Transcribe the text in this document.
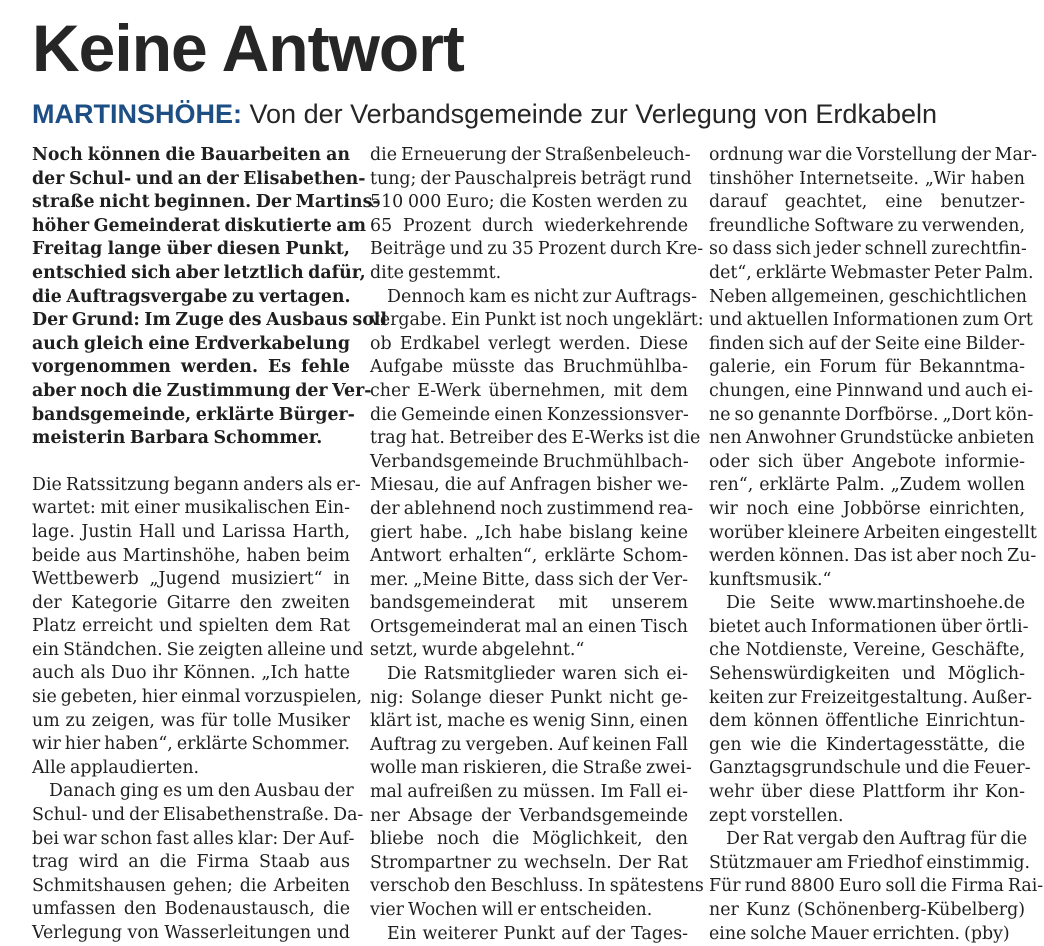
Keine Antwort
MARTINSHÖHE: Von der Verbandsgemeinde zur Verlegung von Erdkabeln

Noch können die Bauarbeiten an

der Schul- und an der Elisabethen-

straße nicht beginnen. Der Martins-

höher Gemeinderat diskutierte am

Freitag lange über diesen Punkt,

entschied sich aber letztlich dafür,

die Auftragsvergabe zu vertagen.

Der Grund: Im Zuge des Ausbaus soll

auch gleich eine Erdverkabelung

vorgenommen werden. Es fehle

aber noch die Zustimmung der Ver-

bandsgemeinde, erklärte Bürger-

meisterin Barbara Schommer.

Die Ratssitzung begann anders als er-

wartet: mit einer musikalischen Ein-

lage. Justin Hall und Larissa Harth,

beide aus Martinshöhe, haben beim

Wettbewerb „Jugend musiziert“ in

der Kategorie Gitarre den zweiten

Platz erreicht und spielten dem Rat

ein Ständchen. Sie zeigten alleine und

auch als Duo ihr Können. „Ich hatte

sie gebeten, hier einmal vorzuspielen,

um zu zeigen, was für tolle Musiker

wir hier haben“, erklärte Schommer.

Alle applaudierten.

Danach ging es um den Ausbau der

Schul- und der Elisabethenstraße. Da-

bei war schon fast alles klar: Der Auf-

trag wird an die Firma Staab aus

Schmitshausen gehen; die Arbeiten

umfassen den Bodenaustausch, die

Verlegung von Wasserleitungen und

die Erneuerung der Straßenbeleuch-

tung; der Pauschalpreis beträgt rund

510 000 Euro; die Kosten werden zu

65 Prozent durch wiederkehrende

Beiträge und zu 35 Prozent durch Kre-

dite gestemmt.

Dennoch kam es nicht zur Auftrags-

vergabe. Ein Punkt ist noch ungeklärt:

ob Erdkabel verlegt werden. Diese

Aufgabe müsste das Bruchmühlba-

cher E-Werk übernehmen, mit dem

die Gemeinde einen Konzessionsver-

trag hat. Betreiber des E-Werks ist die

Verbandsgemeinde Bruchmühlbach-

Miesau, die auf Anfragen bisher we-

der ablehnend noch zustimmend rea-

giert habe. „Ich habe bislang keine

Antwort erhalten“, erklärte Schom-

mer. „Meine Bitte, dass sich der Ver-

bandsgemeinderat mit unserem

Ortsgemeinderat mal an einen Tisch

setzt, wurde abgelehnt.“

Die Ratsmitglieder waren sich ei-

nig: Solange dieser Punkt nicht ge-

klärt ist, mache es wenig Sinn, einen

Auftrag zu vergeben. Auf keinen Fall

wolle man riskieren, die Straße zwei-

mal aufreißen zu müssen. Im Fall ei-

ner Absage der Verbandsgemeinde

bliebe noch die Möglichkeit, den

Strompartner zu wechseln. Der Rat

verschob den Beschluss. In spätestens

vier Wochen will er entscheiden.

Ein weiterer Punkt auf der Tages-

ordnung war die Vorstellung der Mar-

tinshöher Internetseite. „Wir haben

darauf geachtet, eine benutzer-

freundliche Software zu verwenden,

so dass sich jeder schnell zurechtfin-

det“, erklärte Webmaster Peter Palm.

Neben allgemeinen, geschichtlichen

und aktuellen Informationen zum Ort

finden sich auf der Seite eine Bilder-

galerie, ein Forum für Bekanntma-

chungen, eine Pinnwand und auch ei-

ne so genannte Dorfbörse. „Dort kön-

nen Anwohner Grundstücke anbieten

oder sich über Angebote informie-

ren“, erklärte Palm. „Zudem wollen

wir noch eine Jobbörse einrichten,

worüber kleinere Arbeiten eingestellt

werden können. Das ist aber noch Zu-

kunftsmusik.“

Die Seite www.martinshoehe.de

bietet auch Informationen über örtli-

che Notdienste, Vereine, Geschäfte,

Sehenswürdigkeiten und Möglich-

keiten zur Freizeitgestaltung. Außer-

dem können öffentliche Einrichtun-

gen wie die Kindertagesstätte, die

Ganztagsgrundschule und die Feuer-

wehr über diese Plattform ihr Kon-

zept vorstellen.

Der Rat vergab den Auftrag für die

Stützmauer am Friedhof einstimmig.

Für rund 8800 Euro soll die Firma Rai-

ner Kunz (Schönenberg-Kübelberg)

eine solche Mauer errichten. (pby)
